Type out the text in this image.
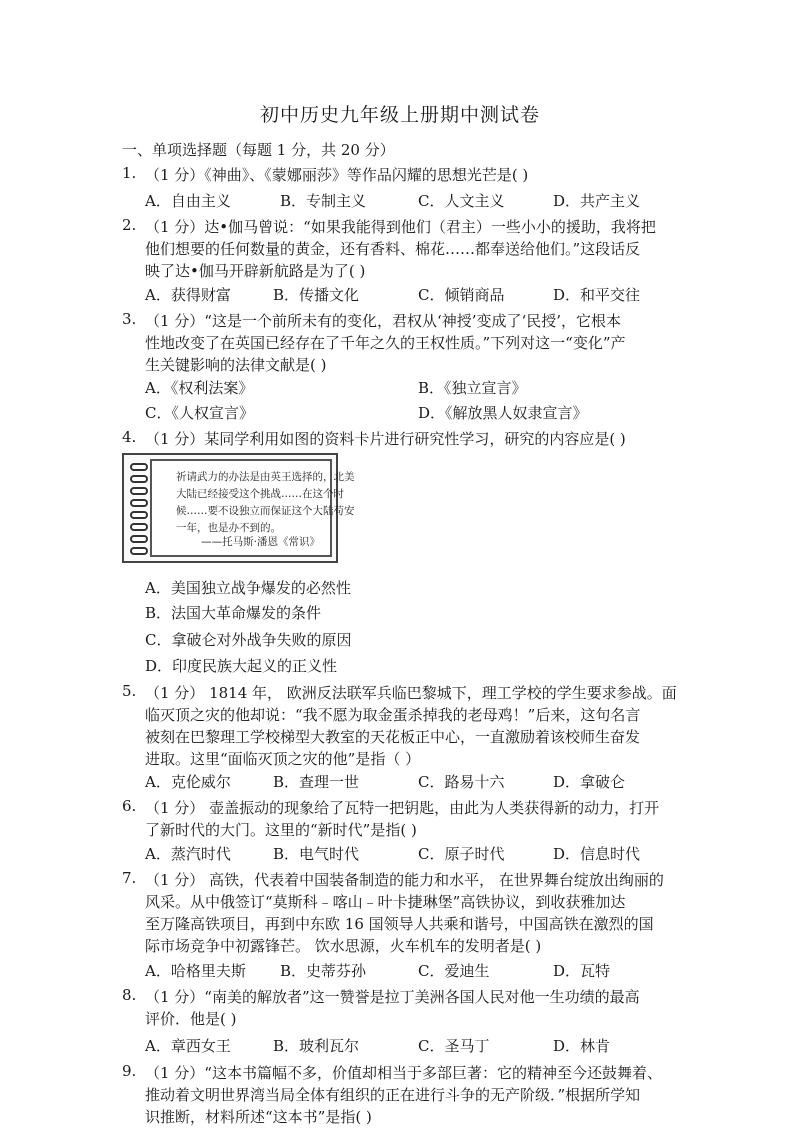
初中历史九年级上册期中测试卷
一、单项选择题（每题 1 分，共 20 分）
1. （1 分）《神曲》、《蒙娜丽莎》等作品闪耀的思想光芒是( )
A．自由主义	B．专制主义	C．人文主义	D．共产主义
2. （1 分）达•伽马曾说：“如果我能得到他们（君主）一些小小的援助，我将把
他们想要的任何数量的黄金，还有香料、棉花……都奉送给他们。”这段话反
映了达•伽马开辟新航路是为了( )
A．获得财富	B．传播文化	C．倾销商品	D．和平交往
3. （1 分）“这是一个前所未有的变化，君权从‘神授’变成了‘民授’，它根本
性地改变了在英国已经存在了千年之久的王权性质。”下列对这一“变化”产
生关键影响的法律文献是( )
A．《权利法案》	B．《独立宣言》
C．《人权宣言》	D．《解放黑人奴隶宣言》
4. （1 分）某同学利用如图的资料卡片进行研究性学习，研究的内容应是( )
祈请武力的办法是由英王选择的，北美大陆已经接受这个挑战……在这个时候……要不设独立而保证这个大陆苟安一年，也是办不到的。
——托马斯·潘恩《常识》
A．美国独立战争爆发的必然性
B．法国大革命爆发的条件
C．拿破仑对外战争失败的原因
D．印度民族大起义的正义性
5. （1 分） 1814 年， 欧洲反法联军兵临巴黎城下，理工学校的学生要求参战。面
临灭顶之灾的他却说：“我不愿为取金蛋杀掉我的老母鸡！”后来，这句名言
被刻在巴黎理工学校梯型大教室的天花板正中心，一直激励着该校师生奋发
进取。这里“面临灭顶之灾的他”是指（ ）
A．克伦威尔	B．查理一世	C．路易十六	D．拿破仑
6. （1 分） 壶盖振动的现象给了瓦特一把钥匙，由此为人类获得新的动力，打开
了新时代的大门。这里的“新时代”是指( )
A．蒸汽时代	B．电气时代	C．原子时代	D．信息时代
7. （1 分） 高铁，代表着中国装备制造的能力和水平， 在世界舞台绽放出绚丽的
风采。从中俄签订“莫斯科﹣喀山﹣叶卡捷琳堡”高铁协议，到收获雅加达
至万隆高铁项目，再到中东欧 16 国领导人共乘和谐号，中国高铁在激烈的国
际市场竞争中初露锋芒。 饮水思源，火车机车的发明者是( )
A．哈格里夫斯 B．史蒂芬孙	C．爱迪生	D．瓦特
8. （1 分）“南美的解放者”这一赞誉是拉丁美洲各国人民对他一生功绩的最高
评价．他是( )
A．章西女王	B．玻利瓦尔	C．圣马丁	D．林肯
9. （1 分）“这本书篇幅不多，价值却相当于多部巨著：它的精神至今还鼓舞着、
推动着文明世界湾当局全体有组织的正在进行斗争的无产阶级．”根据所学知
识推断，材料所述“这本书”是指( )
